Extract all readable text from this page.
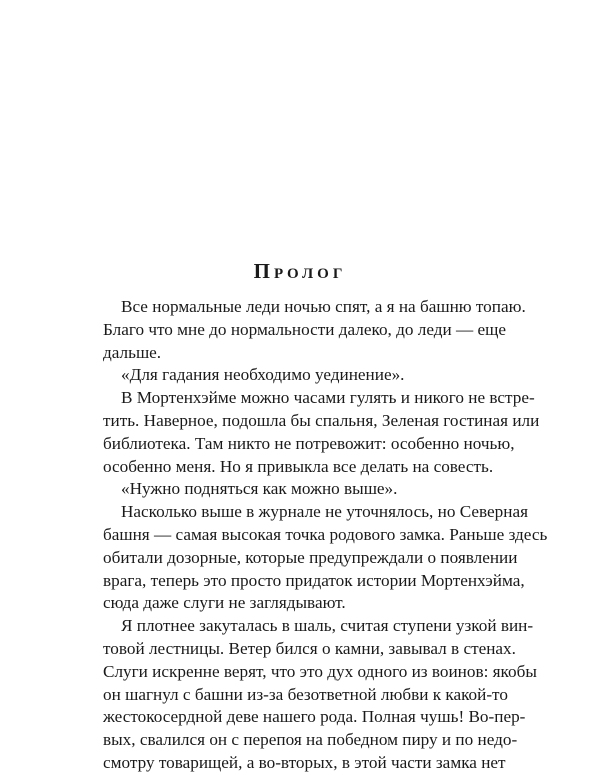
Пролог
Все нормальные леди ночью спят, а я на башню топаю.
Благо что мне до нормальности далеко, до леди — еще
дальше.
«Для гадания необходимо уединение».
В Мортенхэйме можно часами гулять и никого не встре-
тить. Наверное, подошла бы спальня, Зеленая гостиная или
библиотека. Там никто не потревожит: особенно ночью,
особенно меня. Но я привыкла все делать на совесть.
«Нужно подняться как можно выше».
Насколько выше в журнале не уточнялось, но Северная
башня — самая высокая точка родового замка. Раньше здесь
обитали дозорные, которые предупреждали о появлении
врага, теперь это просто придаток истории Мортенхэйма,
сюда даже слуги не заглядывают.
Я плотнее закуталась в шаль, считая ступени узкой вин-
товой лестницы. Ветер бился о камни, завывал в стенах.
Слуги искренне верят, что это дух одного из воинов: якобы
он шагнул с башни из-за безответной любви к какой-то
жестокосердной деве нашего рода. Полная чушь! Во-пер-
вых, свалился он с перепоя на победном пиру и по недо-
смотру товарищей, а во-вторых, в этой части замка нет
